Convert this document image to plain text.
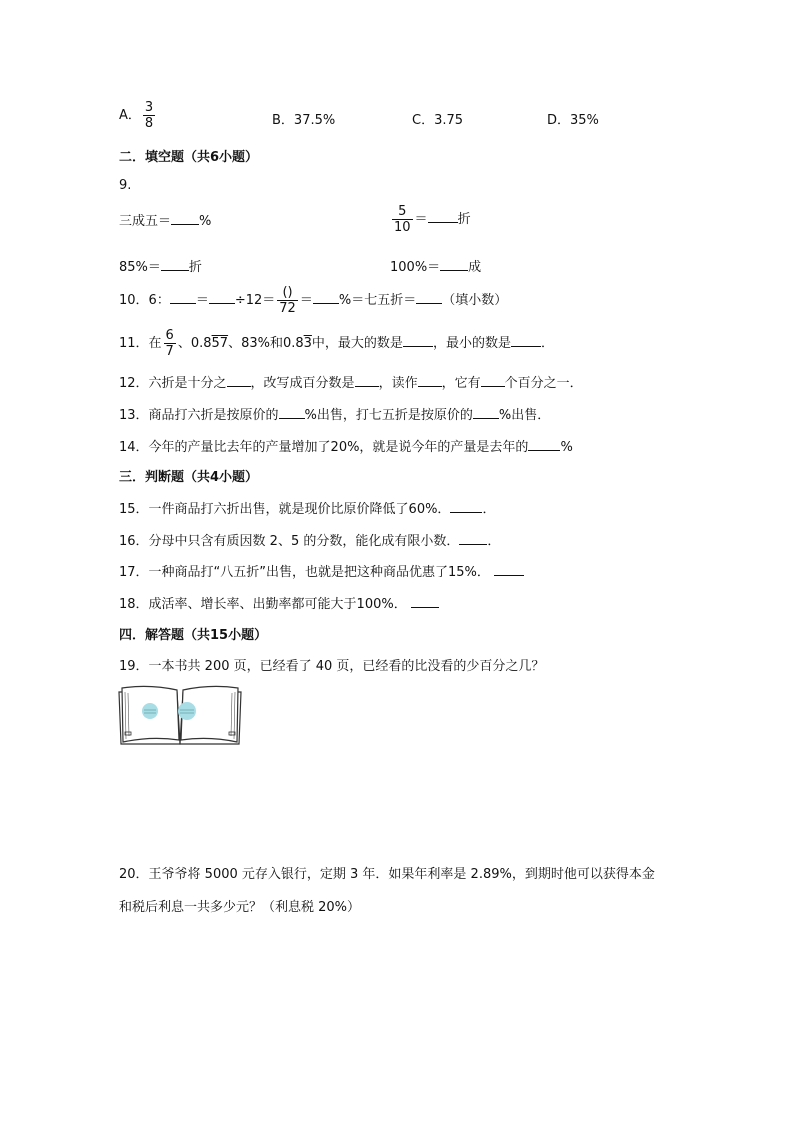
A． $\frac{3}{8}$	B．37.5%	C．3.75	D．35%
二．填空题（共6小题）
9.
三成五＝ %	$\frac{5}{10}$ ＝ 折
85%＝ 折	100%＝ 成
10．6： ＝ $\div 12= \frac{()}{72}$ ＝ %＝七五折＝ （填小数）
11．在 $\frac{6}{7}$ 、0.857、83%和0.83中，最大的数是 ，最小的数是 ．
12．六折是十分之 ，改写成百分数是 ，读作 ，它有 个百分之一．
13．商品打六折是按原价的 %出售，打七五折是按原价的 %出售．
14．今年的产量比去年的产量增加了20%，就是说今年的产量是去年的 %
三．判断题（共4小题）
15．一件商品打六折出售，就是现价比原价降低了60%． ．
16．分母中只含有质因数 2、5 的分数，能化成有限小数． ．
17．一种商品打“八五折”出售，也就是把这种商品优惠了15%．
18．成活率、增长率、出勤率都可能大于100%．
四．解答题（共15小题）
19．一本书共 200 页，已经看了 40 页，已经看的比没看的少百分之几？
20．王爷爷将 5000 元存入银行，定期 3 年．如果年利率是 2.89%，到期时他可以获得本金
和税后利息一共多少元？（利息税 20%）
